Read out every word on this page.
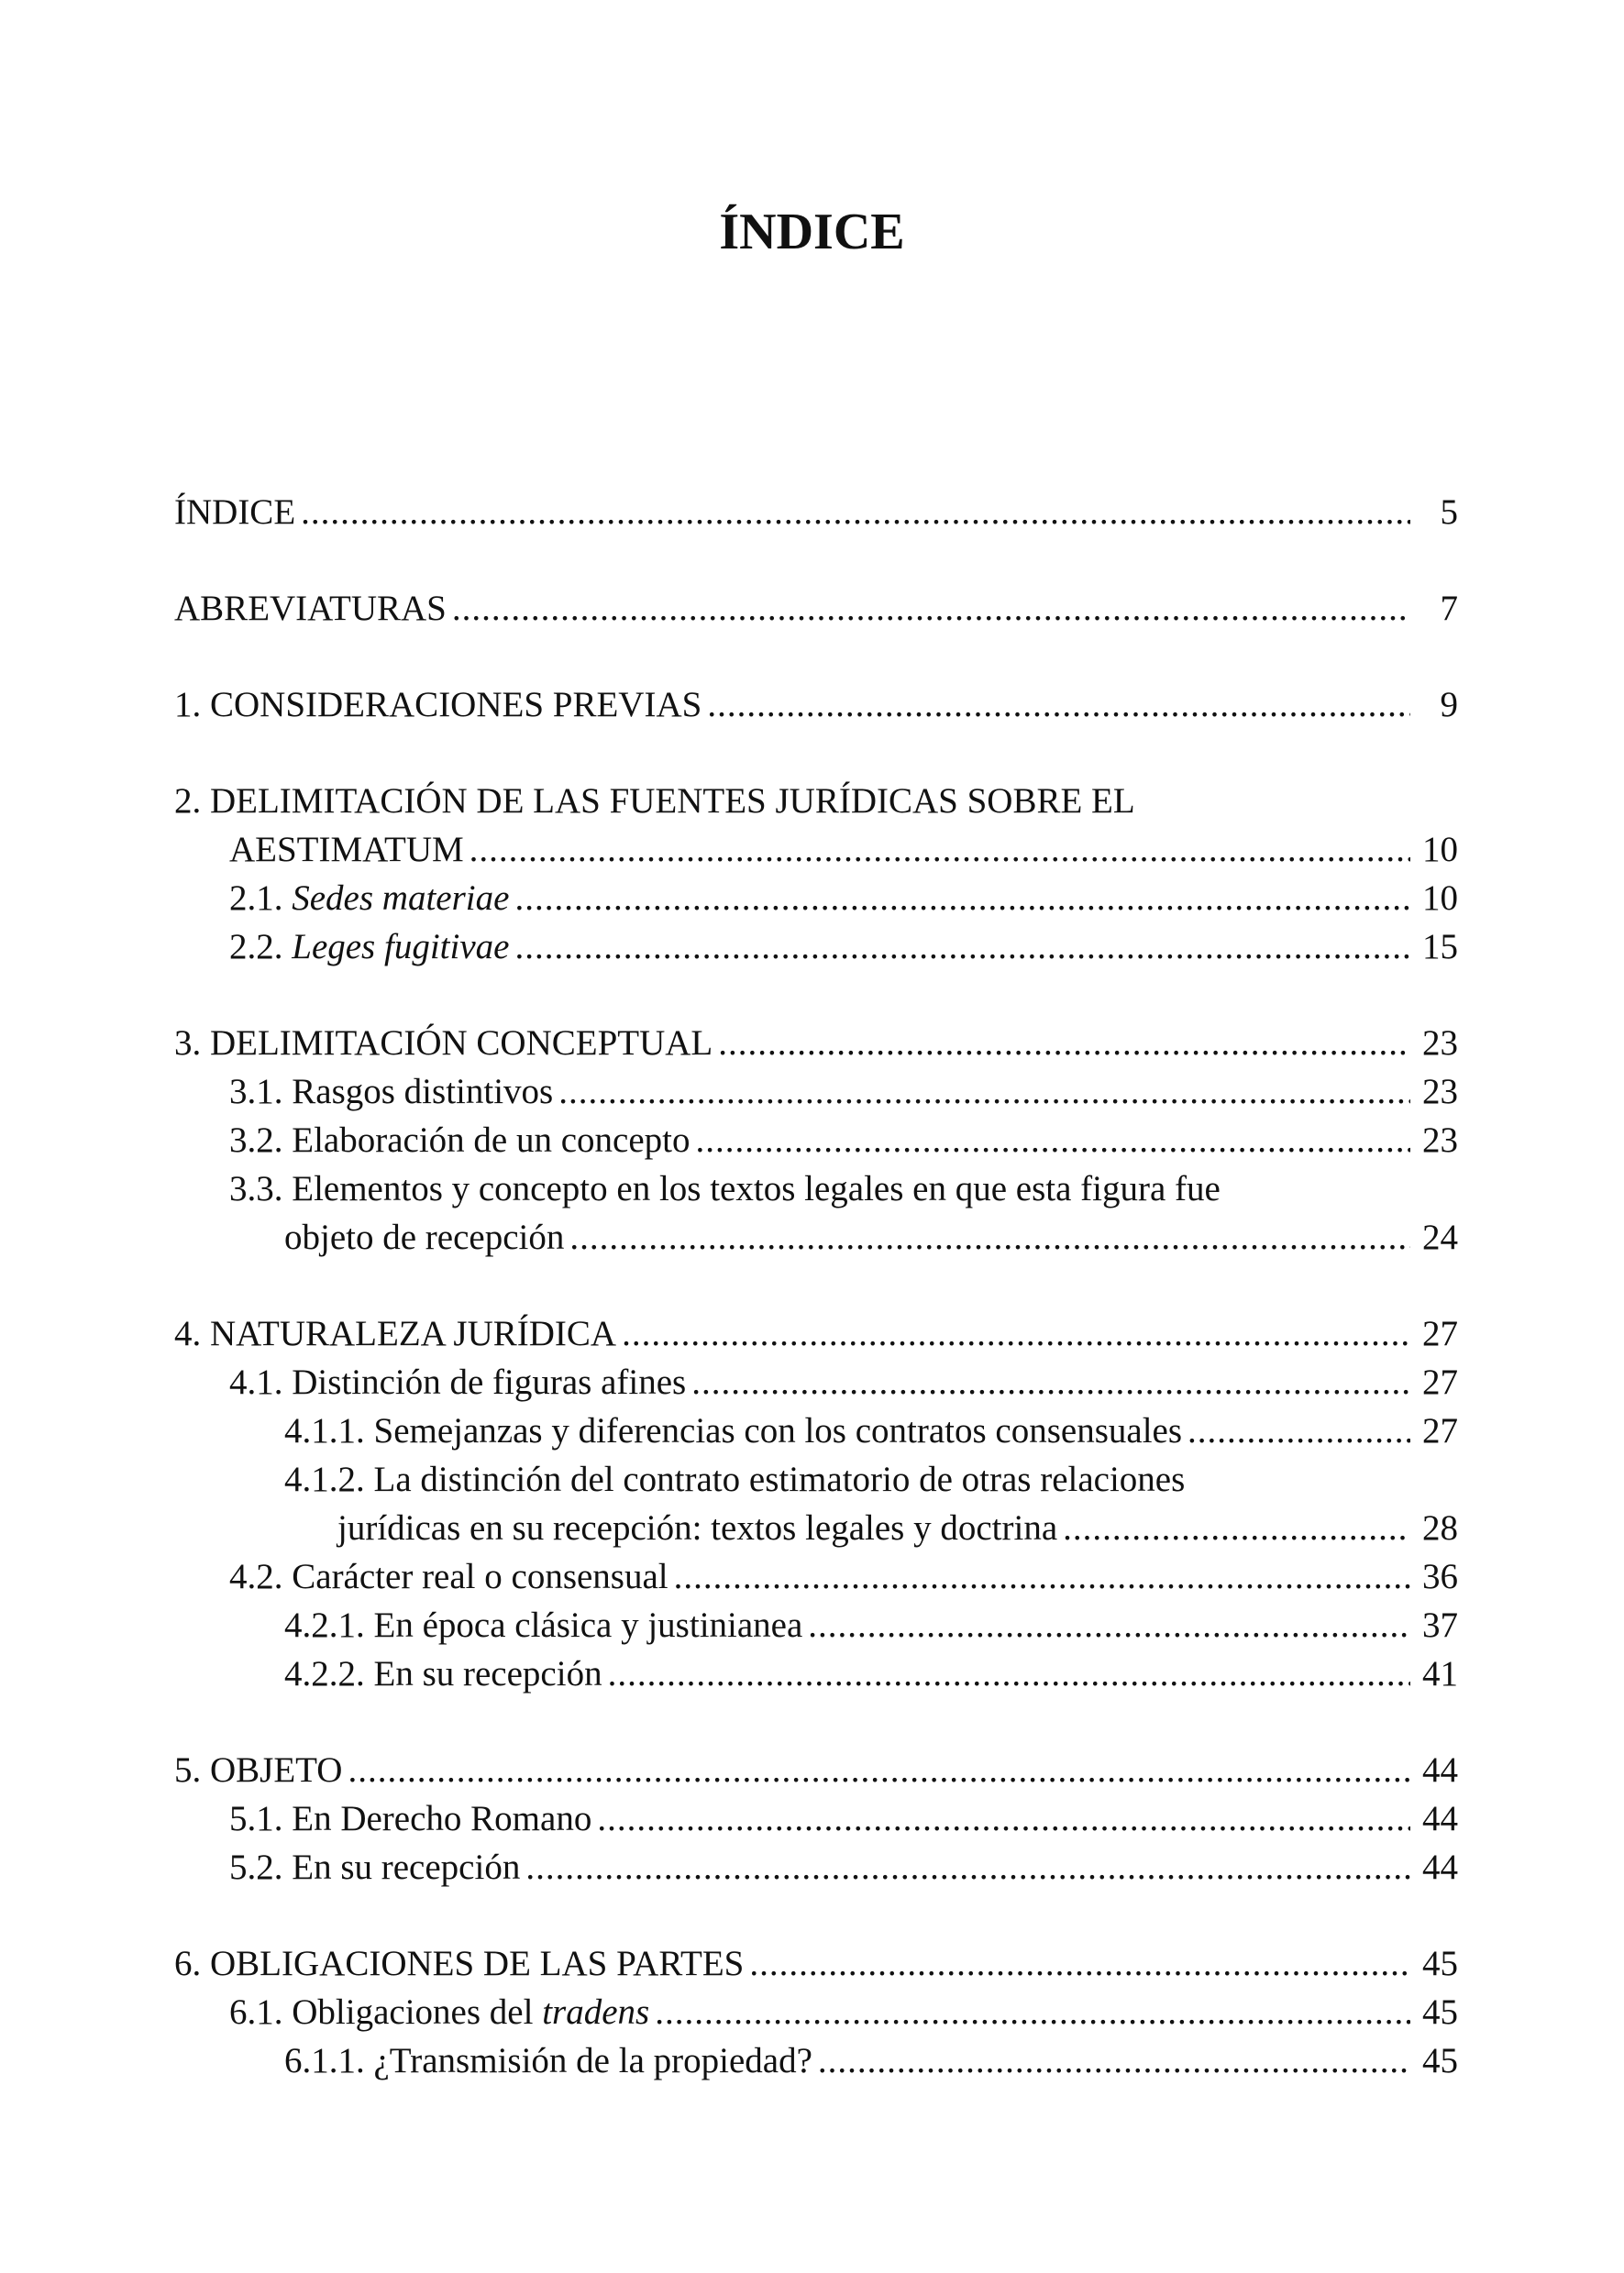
ÍNDICE
ÍNDICE .....	5
ABREVIATURAS .....	7
1. CONSIDERACIONES PREVIAS .....	9
2. DELIMITACIÓN DE LAS FUENTES JURÍDICAS SOBRE EL
AESTIMATUM .....	10
2.1. Sedes materiae .....	10
2.2. Leges fugitivae .....	15
3. DELIMITACIÓN CONCEPTUAL .....	23
3.1. Rasgos distintivos .....	23
3.2. Elaboración de un concepto .....	23
3.3. Elementos y concepto en los textos legales en que esta figura fue
objeto de recepción .....	24
4. NATURALEZA JURÍDICA .....	27
4.1. Distinción de figuras afines .....	27
4.1.1. Semejanzas y diferencias con los contratos consensuales .....	27
4.1.2. La distinción del contrato estimatorio de otras relaciones
jurídicas en su recepción: textos legales y doctrina .....	28
4.2. Carácter real o consensual .....	36
4.2.1. En época clásica y justinianea .....	37
4.2.2. En su recepción .....	41
5. OBJETO .....	44
5.1. En Derecho Romano .....	44
5.2. En su recepción .....	44
6. OBLIGACIONES DE LAS PARTES .....	45
6.1. Obligaciones del tradens .....	45
6.1.1. ¿Transmisión de la propiedad? .....	45
